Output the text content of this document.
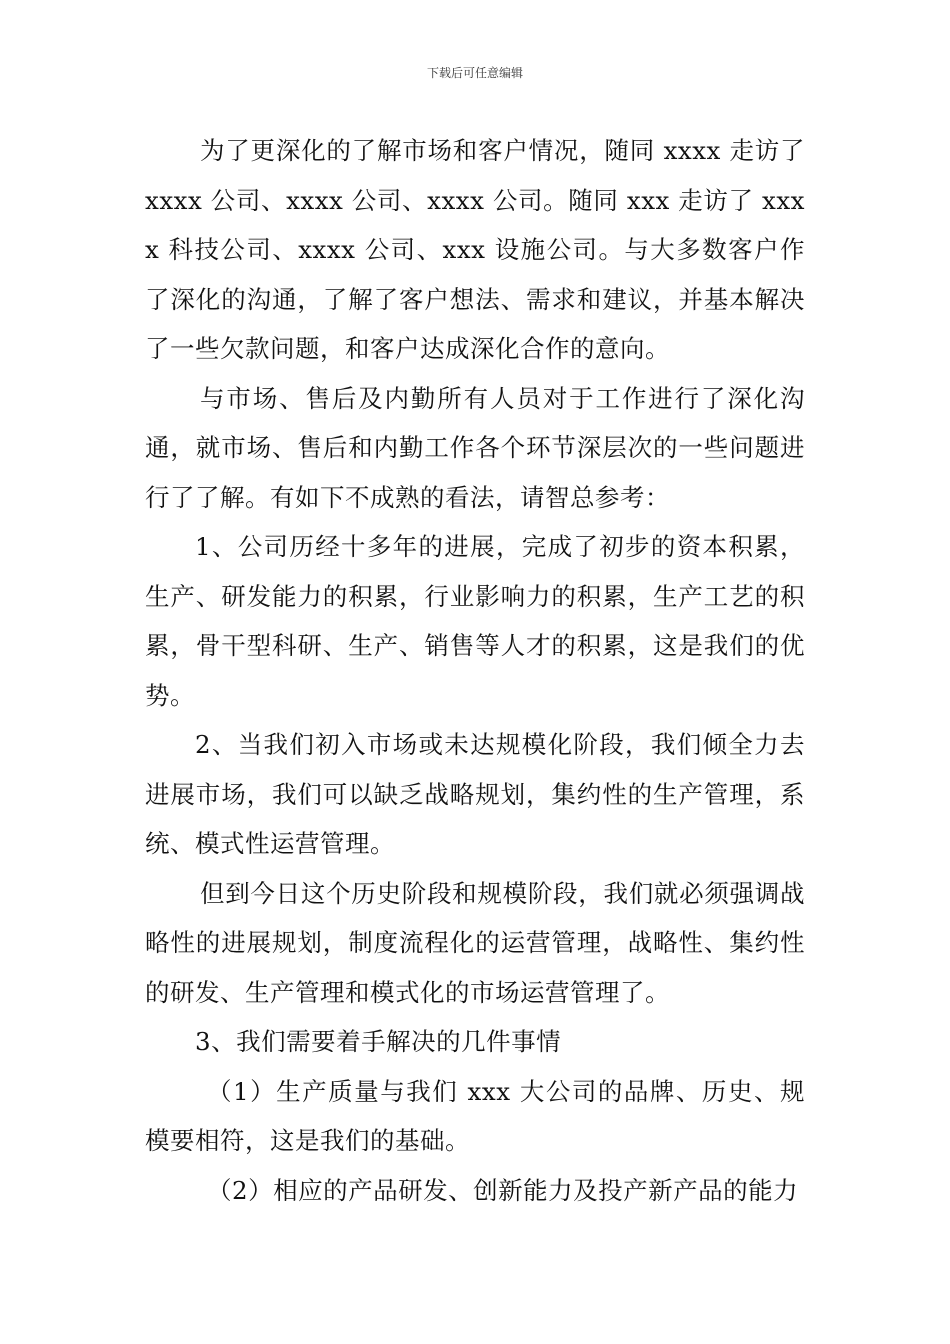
下载后可任意编辑

为了更深化的了解市场和客户情况，随同 xxxx 走访了 xxxx 公司、xxxx 公司、xxxx 公司。随同 xxx 走访了 xxxx 科技公司、xxxx 公司、xxx 设施公司。与大多数客户作了深化的沟通，了解了客户想法、需求和建议，并基本解决了一些欠款问题，和客户达成深化合作的意向。

与市场、售后及内勤所有人员对于工作进行了深化沟通，就市场、售后和内勤工作各个环节深层次的一些问题进行了了解。有如下不成熟的看法，请智总参考：

1、公司历经十多年的进展，完成了初步的资本积累，生产、研发能力的积累，行业影响力的积累，生产工艺的积累，骨干型科研、生产、销售等人才的积累，这是我们的优势。

2、当我们初入市场或未达规模化阶段，我们倾全力去进展市场，我们可以缺乏战略规划，集约性的生产管理，系统、模式性运营管理。

但到今日这个历史阶段和规模阶段，我们就必须强调战略性的进展规划，制度流程化的运营管理，战略性、集约性的研发、生产管理和模式化的市场运营管理了。

3、我们需要着手解决的几件事情

（1）生产质量与我们 xxx 大公司的品牌、历史、规模要相符，这是我们的基础。

（2）相应的产品研发、创新能力及投产新产品的能力
